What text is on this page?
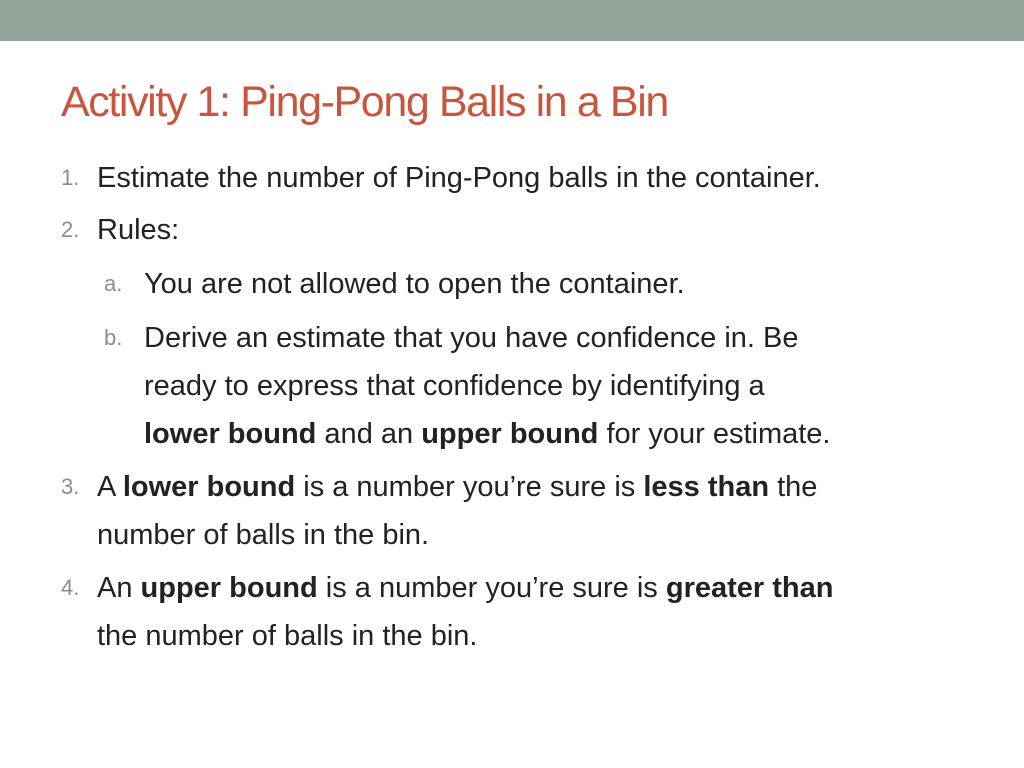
Activity 1: Ping-Pong Balls in a Bin
1. Estimate the number of Ping-Pong balls in the container.
2. Rules:
a. You are not allowed to open the container.
b. Derive an estimate that you have confidence in. Be
ready to express that confidence by identifying a
lower bound and an upper bound for your estimate.
3. A lower bound is a number you’re sure is less than the
number of balls in the bin.
4. An upper bound is a number you’re sure is greater than
the number of balls in the bin.
